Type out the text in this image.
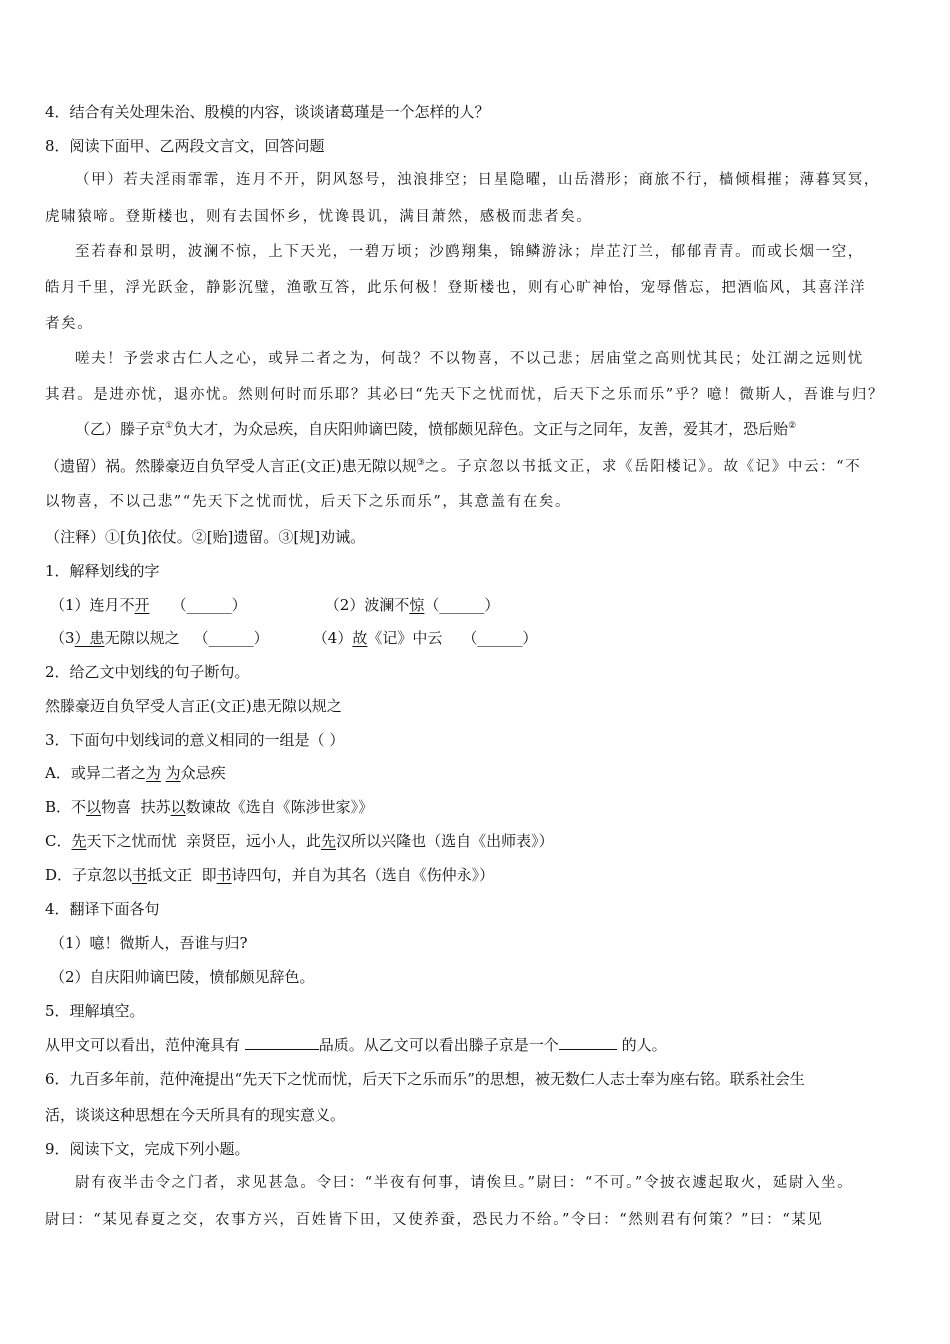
4．结合有关处理朱治、殷模的内容，谈谈诸葛瑾是一个怎样的人？
8．阅读下面甲、乙两段文言文，回答问题
（甲）若夫淫雨霏霏，连月不开，阴风怒号，浊浪排空；日星隐曜，山岳潜形；商旅不行，樯倾楫摧；薄暮冥冥，
虎啸猿啼。登斯楼也，则有去国怀乡，忧谗畏讥，满目萧然，感极而悲者矣。
至若春和景明，波澜不惊，上下天光，一碧万顷；沙鸥翔集，锦鳞游泳；岸芷汀兰，郁郁青青。而或长烟一空，
皓月千里，浮光跃金，静影沉璧，渔歌互答，此乐何极！登斯楼也，则有心旷神怡，宠辱偕忘，把酒临风，其喜洋洋
者矣。
嗟夫！予尝求古仁人之心，或异二者之为，何哉？不以物喜，不以己悲；居庙堂之高则忧其民；处江湖之远则忧
其君。是进亦忧，退亦忧。然则何时而乐耶？其必曰“先天下之忧而忧，后天下之乐而乐”乎？噫！微斯人，吾谁与归？
（乙）滕子京①负大才，为众忌疾，自庆阳帅谪巴陵，愤郁颇见辞色。文正与之同年，友善，爱其才，恐后贻②
（遗留）祸。然滕豪迈自负罕受人言正(文正)患无隙以规③之。子京忽以书抵文正，求《岳阳楼记》。故《记》中云：“不
以物喜，不以己悲”“先天下之忧而忧，后天下之乐而乐”，其意盖有在矣。
（注释）①[负]依仗。②[贻]遗留。③[规]劝诫。
1．解释划线的字
（1）连月不开 （______）	（2）波澜不惊（______）
（3）患无隙以规之 （______）	（4）故《记》中云 （______）
2．给乙文中划线的句子断句。
然滕豪迈自负罕受人言正(文正)患无隙以规之
3．下面句中划线词的意义相同的一组是（ ）
A．或异二者之为 为众忌疾
B．不以物喜  扶苏以数谏故《选自《陈涉世家》》
C．先天下之忧而忧  亲贤臣，远小人，此先汉所以兴隆也（选自《出师表》）
D．子京忽以书抵文正  即书诗四句，并自为其名（选自《伤仲永》）
4．翻译下面各句
（1）噫！微斯人，吾谁与归?
（2）自庆阳帅谪巴陵，愤郁颇见辞色。
5．理解填空。
从甲文可以看出，范仲淹具有	品质。从乙文可以看出滕子京是一个	的人。
6．九百多年前，范仲淹提出“先天下之忧而忧，后天下之乐而乐”的思想，被无数仁人志士奉为座右铭。联系社会生
活，谈谈这种思想在今天所具有的现实意义。
9．阅读下文，完成下列小题。
尉有夜半击令之门者，求见甚急。令曰：“半夜有何事，请俟旦。”尉曰：“不可。”令披衣遽起取火，延尉入坐。
尉曰：“某见春夏之交，农事方兴，百姓皆下田，又使养蚕，恐民力不给。”令曰：“然则君有何策？”曰：“某见
